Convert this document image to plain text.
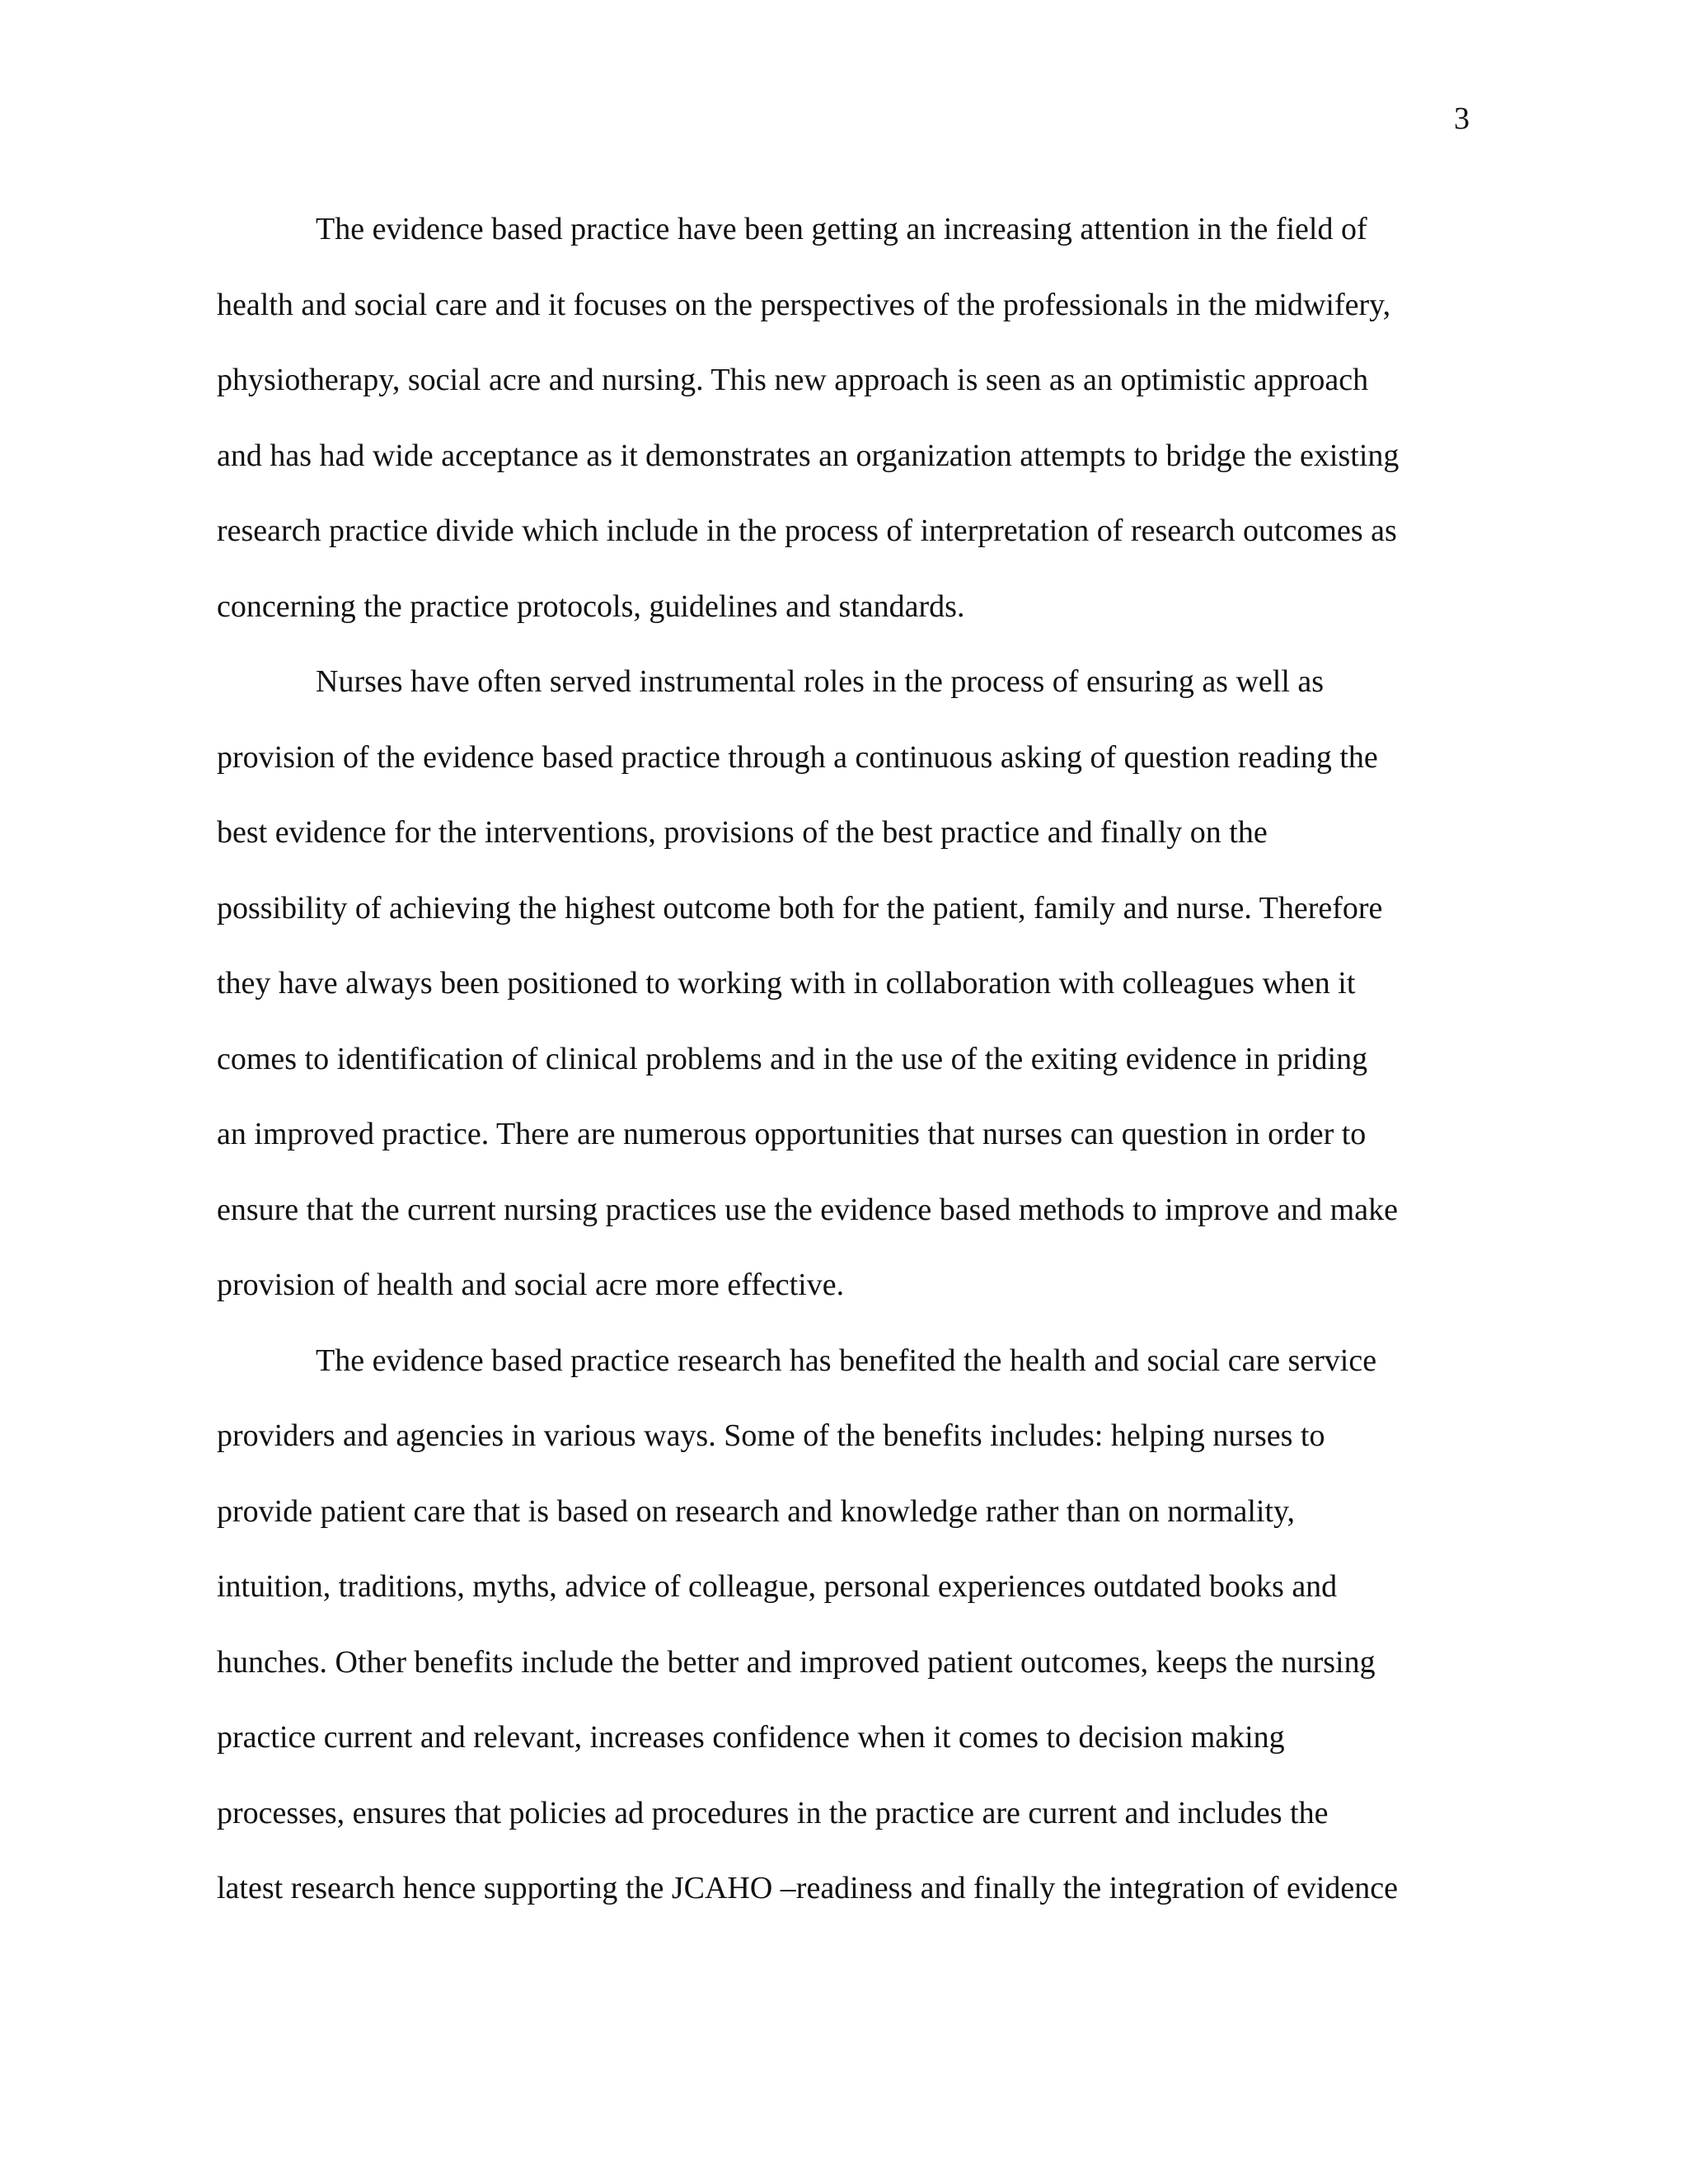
3

The evidence based practice have been getting an increasing attention in the field of
health and social care and it focuses on the perspectives of the professionals in the midwifery,
physiotherapy, social acre and nursing. This new approach is seen as an optimistic approach
and has had wide acceptance as it demonstrates an organization attempts to bridge the existing
research practice divide which include in the process of interpretation of research outcomes as
concerning the practice protocols, guidelines and standards.

Nurses have often served instrumental roles in the process of ensuring as well as
provision of the evidence based practice through a continuous asking of question reading the
best evidence for the interventions, provisions of the best practice and finally on the
possibility of achieving the highest outcome both for the patient, family and nurse. Therefore
they have always been positioned to working with in collaboration with colleagues when it
comes to identification of clinical problems and in the use of the exiting evidence in priding
an improved practice. There are numerous opportunities that nurses can question in order to
ensure that the current nursing practices use the evidence based methods to improve and make
provision of health and social acre more effective.

The evidence based practice research has benefited the health and social care service
providers and agencies in various ways. Some of the benefits includes: helping nurses to
provide patient care that is based on research and knowledge rather than on normality,
intuition, traditions, myths, advice of colleague, personal experiences outdated books and
hunches. Other benefits include the better and improved patient outcomes, keeps the nursing
practice current and relevant, increases confidence when it comes to decision making
processes, ensures that policies ad procedures in the practice are current and includes the
latest research hence supporting the JCAHO –readiness and finally the integration of evidence
